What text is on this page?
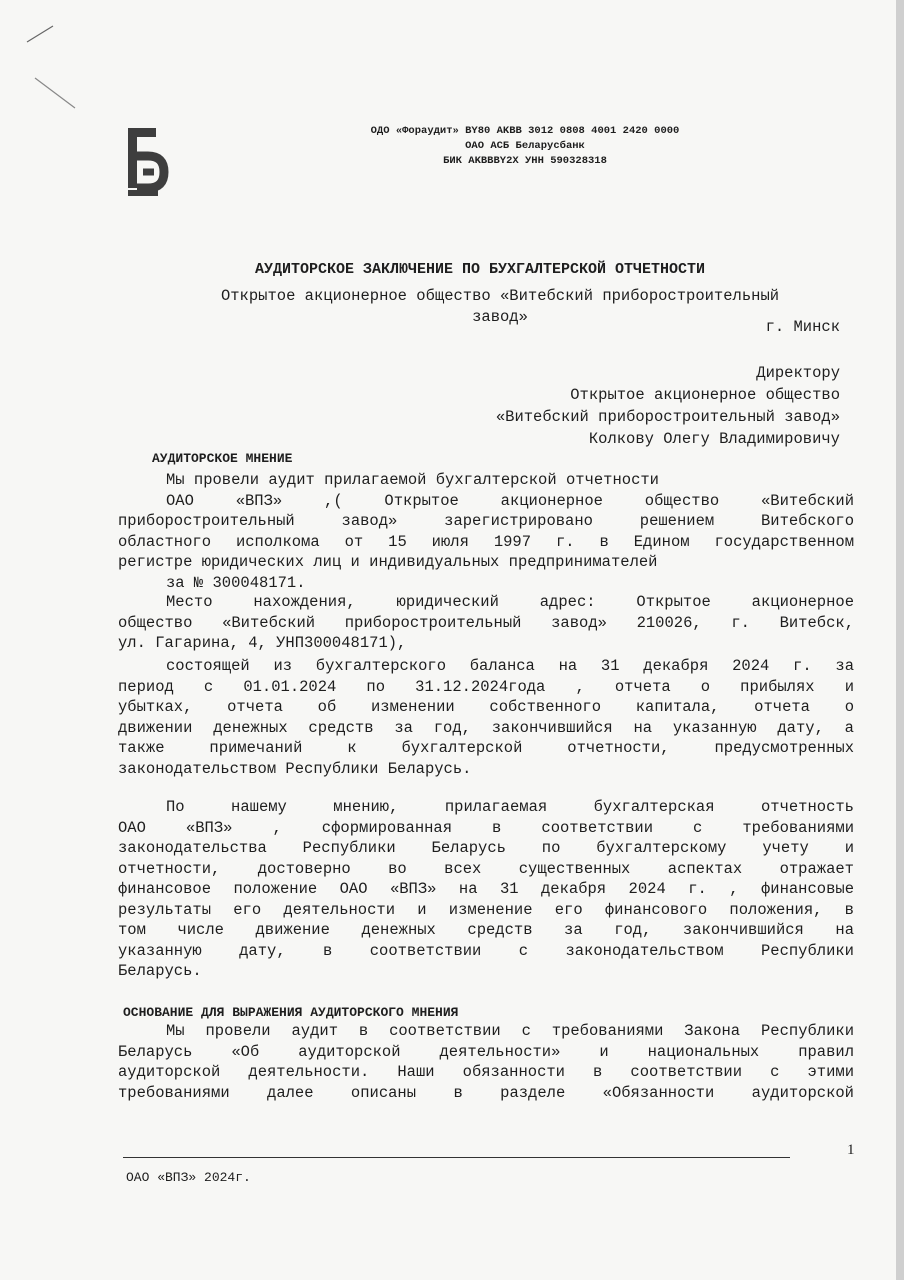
ОДО «Фораудит» BY80 AKBB 3012 0808 4001 2420 0000
ОАО АСБ Беларусбанк
БИК AKBBBY2X УНН 590328318
АУДИТОРСКОЕ ЗАКЛЮЧЕНИЕ ПО БУХГАЛТЕРСКОЙ ОТЧЕТНОСТИ
Открытое акционерное общество «Витебский приборостроительный
завод»
г. Минск
Директору
Открытое акционерное общество
«Витебский приборостроительный завод»
Колкову Олегу Владимировичу
АУДИТОРСКОЕ МНЕНИЕ
Мы провели аудит прилагаемой бухгалтерской отчетности
ОАО «ВПЗ» ,( Открытое акционерное общество «Витебский
приборостроительный завод» зарегистрировано решением Витебского
областного исполкома от 15 июля 1997 г. в Едином государственном
регистре юридических лиц и индивидуальных предпринимателей
за № 300048171.
Место нахождения, юридический адрес: Открытое акционерное
общество «Витебский приборостроительный завод» 210026, г. Витебск,
ул. Гагарина, 4, УНП300048171),
состоящей из бухгалтерского баланса на 31 декабря 2024 г. за
период с 01.01.2024 по 31.12.2024года , отчета о прибылях и
убытках, отчета об изменении собственного капитала, отчета о
движении денежных средств за год, закончившийся на указанную дату, а
также примечаний к бухгалтерской отчетности, предусмотренных
законодательством Республики Беларусь.
По нашему мнению, прилагаемая бухгалтерская отчетность
ОАО «ВПЗ» , сформированная в соответствии с требованиями
законодательства Республики Беларусь по бухгалтерскому учету и
отчетности, достоверно во всех существенных аспектах отражает
финансовое положение ОАО «ВПЗ» на 31 декабря 2024 г. , финансовые
результаты его деятельности и изменение его финансового положения, в
том числе движение денежных средств за год, закончившийся на
указанную дату, в соответствии с законодательством Республики
Беларусь.
ОСНОВАНИЕ ДЛЯ ВЫРАЖЕНИЯ АУДИТОРСКОГО МНЕНИЯ
Мы провели аудит в соответствии с требованиями Закона Республики
Беларусь «Об аудиторской деятельности» и национальных правил
аудиторской деятельности. Наши обязанности в соответствии с этими
требованиями далее описаны в разделе «Обязанности аудиторской
1
ОАО «ВПЗ» 2024г.
